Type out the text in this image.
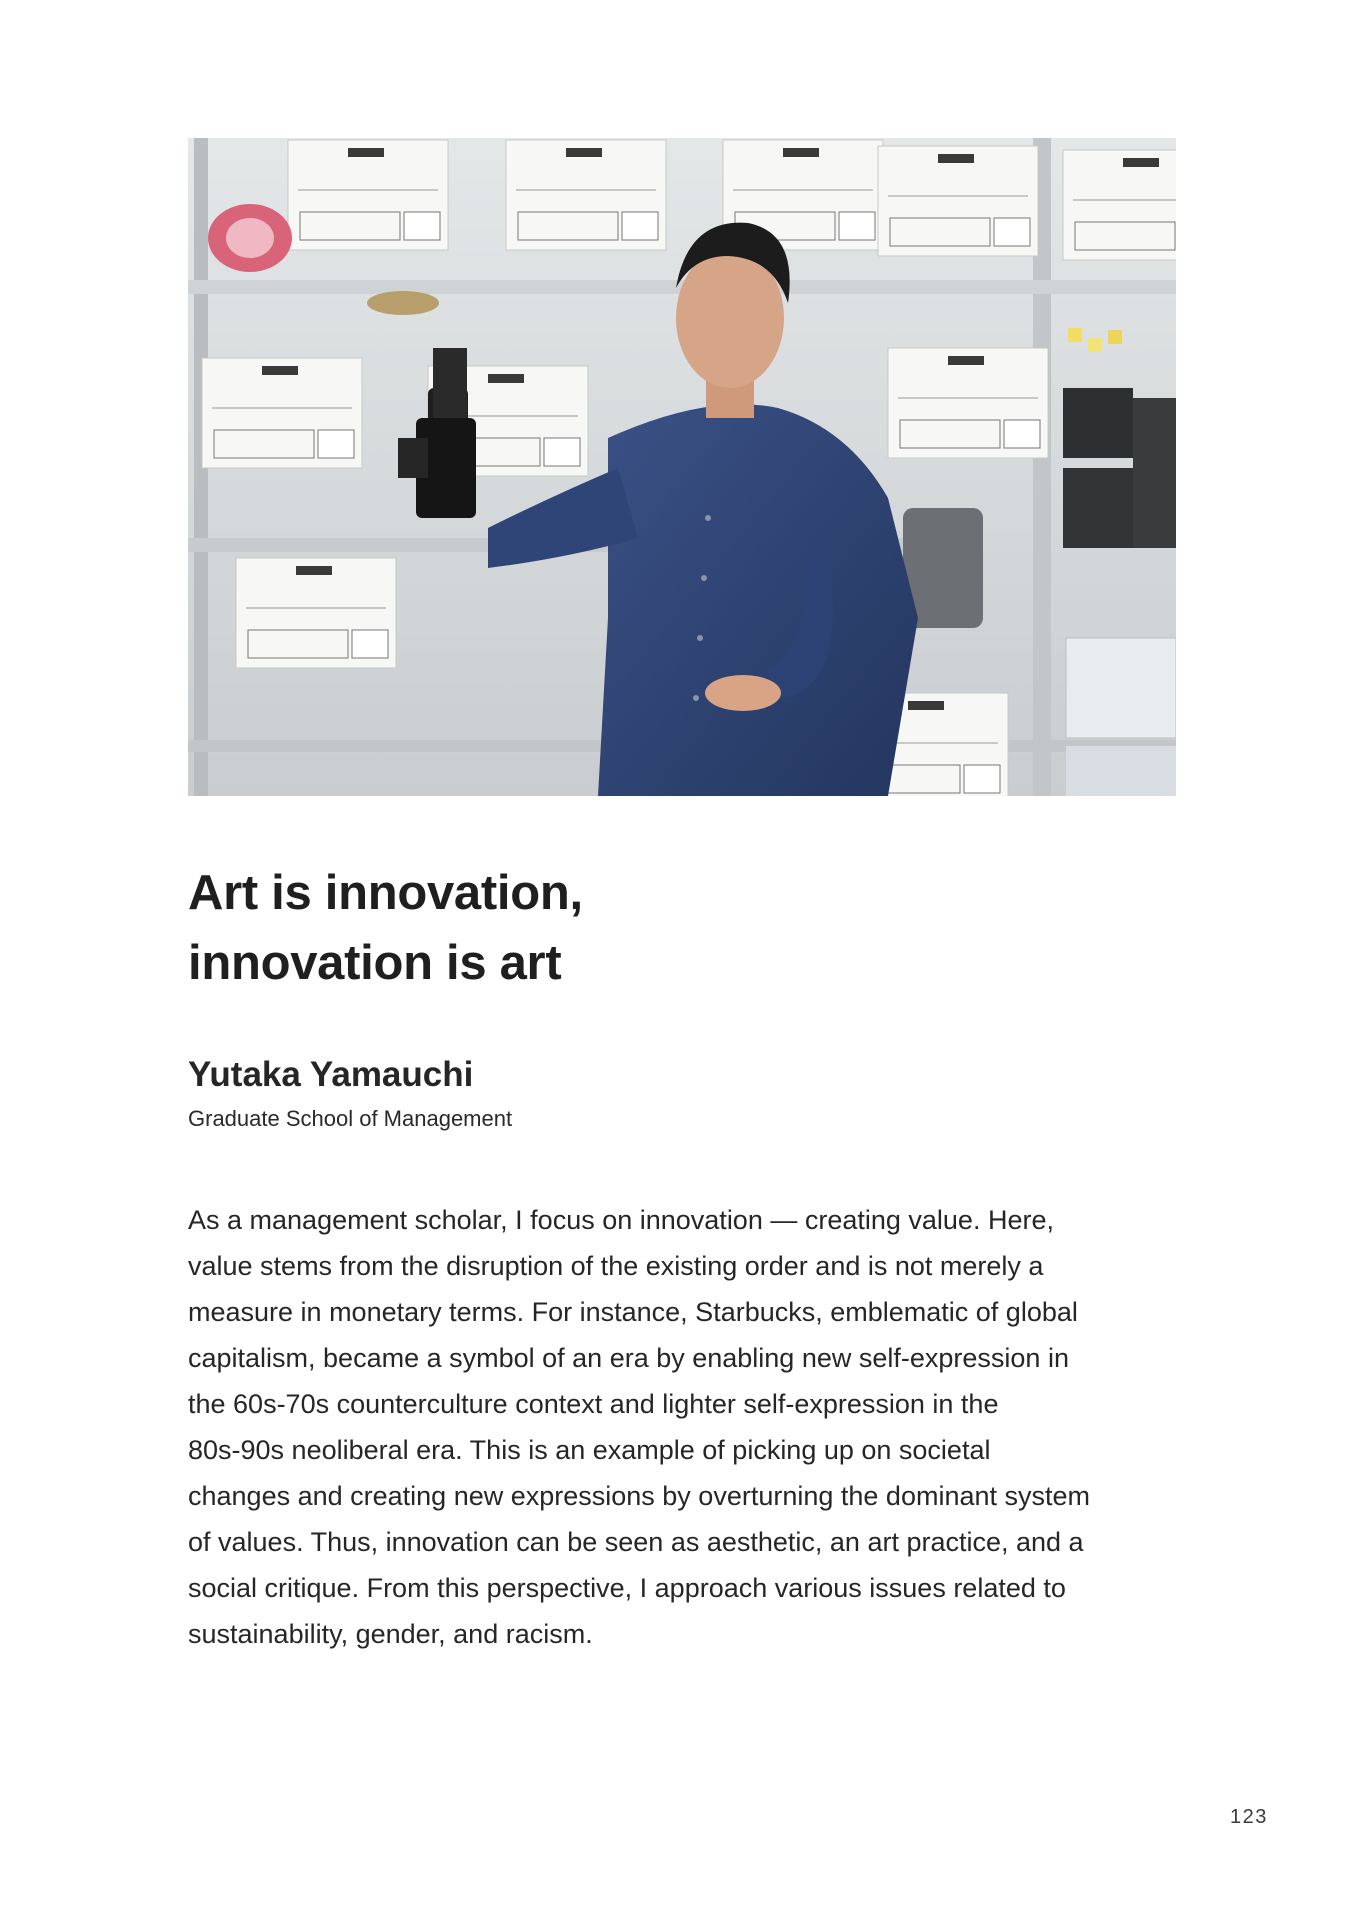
Art is innovation,
innovation is art

Yutaka Yamauchi

Graduate School of Management

As a management scholar, I focus on innovation — creating value. Here,
value stems from the disruption of the existing order and is not merely a
measure in monetary terms. For instance, Starbucks, emblematic of global
capitalism, became a symbol of an era by enabling new self-expression in
the 60s-70s counterculture context and lighter self-expression in the
80s-90s neoliberal era. This is an example of picking up on societal
changes and creating new expressions by overturning the dominant system
of values. Thus, innovation can be seen as aesthetic, an art practice, and a
social critique. From this perspective, I approach various issues related to
sustainability, gender, and racism.

123
